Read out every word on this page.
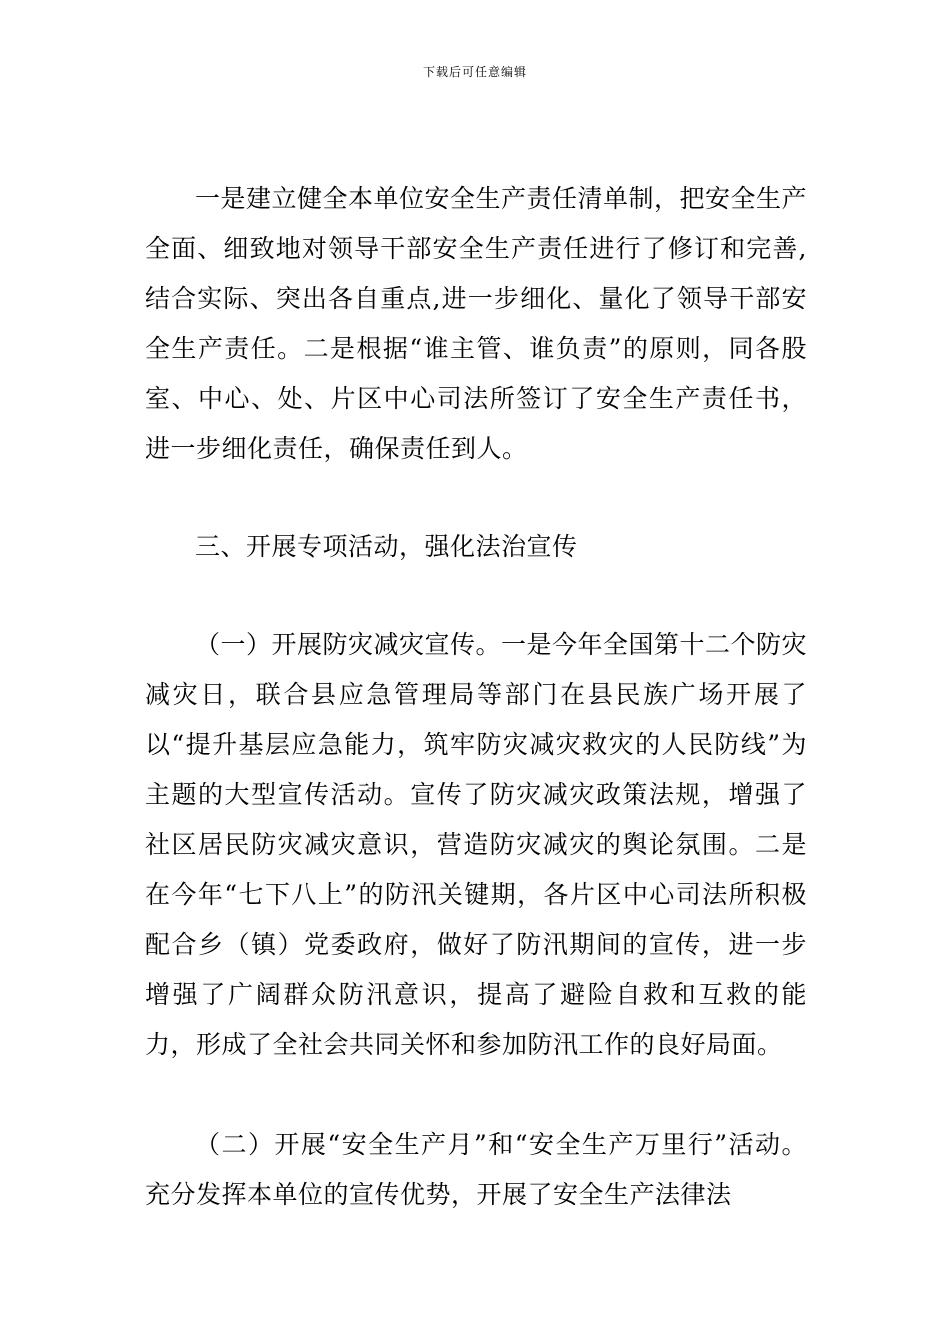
下载后可任意编辑

一是建立健全本单位安全生产责任清单制，把安全生产全面、细致地对领导干部安全生产责任进行了修订和完善,结合实际、突出各自重点,进一步细化、量化了领导干部安全生产责任。二是根据“谁主管、谁负责”的原则，同各股室、中心、处、片区中心司法所签订了安全生产责任书，进一步细化责任，确保责任到人。

三、开展专项活动，强化法治宣传

（一）开展防灾减灾宣传。一是今年全国第十二个防灾减灾日，联合县应急管理局等部门在县民族广场开展了以“提升基层应急能力，筑牢防灾减灾救灾的人民防线”为主题的大型宣传活动。宣传了防灾减灾政策法规，增强了社区居民防灾减灾意识，营造防灾减灾的舆论氛围。二是在今年“七下八上”的防汛关键期，各片区中心司法所积极配合乡（镇）党委政府，做好了防汛期间的宣传，进一步增强了广阔群众防汛意识，提高了避险自救和互救的能力，形成了全社会共同关怀和参加防汛工作的良好局面。

（二）开展“安全生产月”和“安全生产万里行”活动。充分发挥本单位的宣传优势，开展了安全生产法律法
